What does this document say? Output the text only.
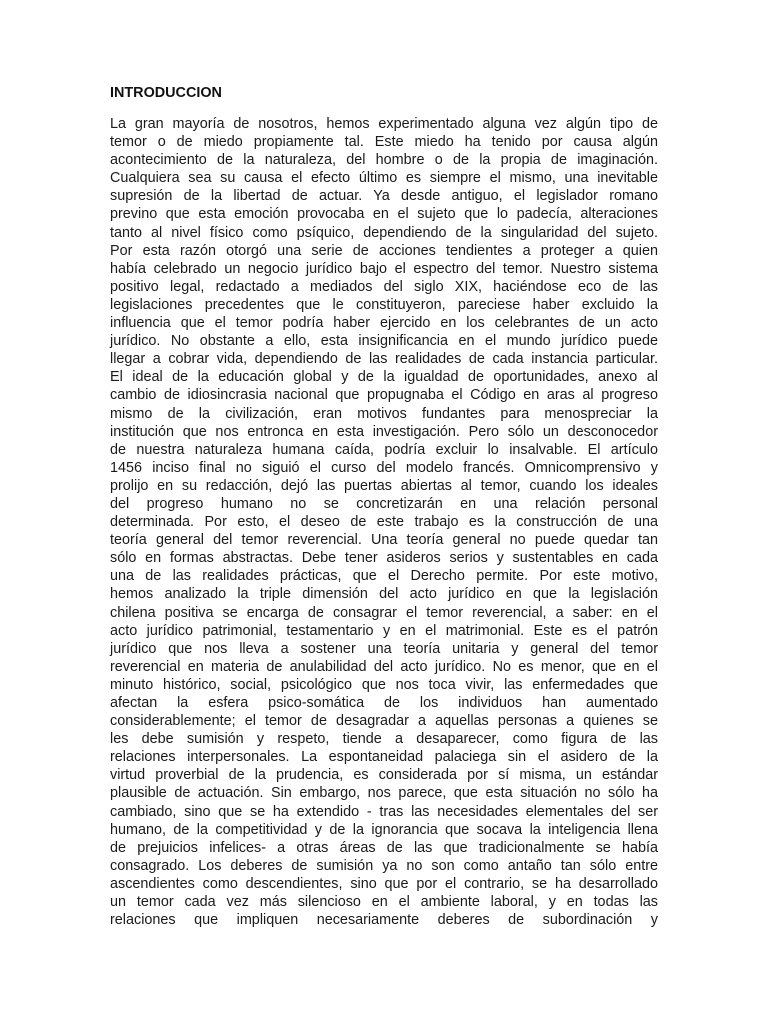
INTRODUCCION
La gran mayoría de nosotros, hemos experimentado alguna vez algún tipo de
temor o de miedo propiamente tal. Este miedo ha tenido por causa algún
acontecimiento de la naturaleza, del hombre o de la propia de imaginación.
Cualquiera sea su causa el efecto último es siempre el mismo, una inevitable
supresión de la libertad de actuar. Ya desde antiguo, el legislador romano
previno que esta emoción provocaba en el sujeto que lo padecía, alteraciones
tanto al nivel físico como psíquico, dependiendo de la singularidad del sujeto.
Por esta razón otorgó una serie de acciones tendientes a proteger a quien
había celebrado un negocio jurídico bajo el espectro del temor. Nuestro sistema
positivo legal, redactado a mediados del siglo XIX, haciéndose eco de las
legislaciones precedentes que le constituyeron, pareciese haber excluido la
influencia que el temor podría haber ejercido en los celebrantes de un acto
jurídico. No obstante a ello, esta insignificancia en el mundo jurídico puede
llegar a cobrar vida, dependiendo de las realidades de cada instancia particular.
El ideal de la educación global y de la igualdad de oportunidades, anexo al
cambio de idiosincrasia nacional que propugnaba el Código en aras al progreso
mismo de la civilización, eran motivos fundantes para menospreciar la
institución que nos entronca en esta investigación. Pero sólo un desconocedor
de nuestra naturaleza humana caída, podría excluir lo insalvable. El artículo
1456 inciso final no siguió el curso del modelo francés. Omnicomprensivo y
prolijo en su redacción, dejó las puertas abiertas al temor, cuando los ideales
del progreso humano no se concretizarán en una relación personal
determinada. Por esto, el deseo de este trabajo es la construcción de una
teoría general del temor reverencial. Una teoría general no puede quedar tan
sólo en formas abstractas. Debe tener asideros serios y sustentables en cada
una de las realidades prácticas, que el Derecho permite. Por este motivo,
hemos analizado la triple dimensión del acto jurídico en que la legislación
chilena positiva se encarga de consagrar el temor reverencial, a saber: en el
acto jurídico patrimonial, testamentario y en el matrimonial. Este es el patrón
jurídico que nos lleva a sostener una teoría unitaria y general del temor
reverencial en materia de anulabilidad del acto jurídico. No es menor, que en el
minuto histórico, social, psicológico que nos toca vivir, las enfermedades que
afectan la esfera psico-somática de los individuos han aumentado
considerablemente; el temor de desagradar a aquellas personas a quienes se
les debe sumisión y respeto, tiende a desaparecer, como figura de las
relaciones interpersonales. La espontaneidad palaciega sin el asidero de la
virtud proverbial de la prudencia, es considerada por sí misma, un estándar
plausible de actuación. Sin embargo, nos parece, que esta situación no sólo ha
cambiado, sino que se ha extendido - tras las necesidades elementales del ser
humano, de la competitividad y de la ignorancia que socava la inteligencia llena
de prejuicios infelices- a otras áreas de las que tradicionalmente se había
consagrado. Los deberes de sumisión ya no son como antaño tan sólo entre
ascendientes como descendientes, sino que por el contrario, se ha desarrollado
un temor cada vez más silencioso en el ambiente laboral, y en todas las
relaciones que impliquen necesariamente deberes de subordinación y
